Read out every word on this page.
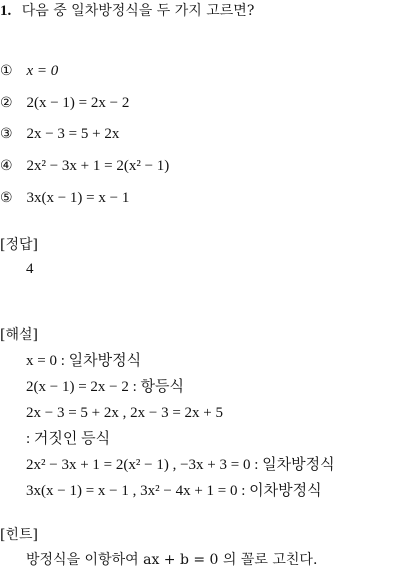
1. 다음 중 일차방정식을 두 가지 고르면?
① x = 0
② 2(x − 1) = 2x − 2
③ 2x − 3 = 5 + 2x
④ 2x² − 3x + 1 = 2(x² − 1)
⑤ 3x(x − 1) = x − 1
[정답]
4
[해설]
x = 0 : 일차방정식
2(x − 1) = 2x − 2 : 항등식
2x − 3 = 5 + 2x , 2x − 3 = 2x + 5
: 거짓인 등식
2x² − 3x + 1 = 2(x² − 1) , −3x + 3 = 0 : 일차방정식
3x(x − 1) = x − 1 , 3x² − 4x + 1 = 0 : 이차방정식
[힌트]
방정식을 이항하여 ax + b = 0 의 꼴로 고친다.
